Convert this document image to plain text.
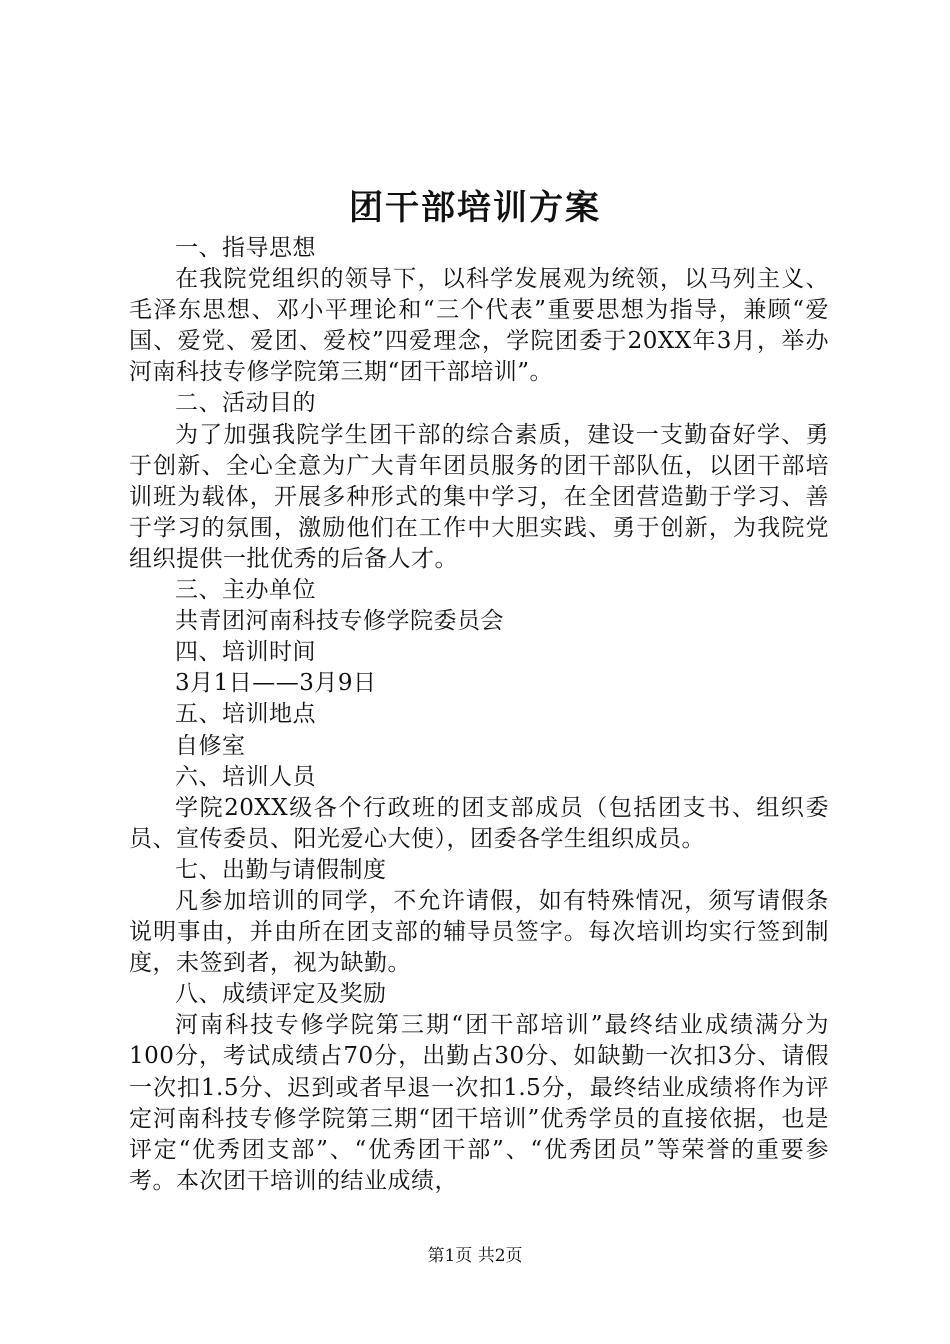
团干部培训方案
一、指导思想

在我院党组织的领导下，以科学发展观为统领，以马列主义、毛泽东思想、邓小平理论和“三个代表”重要思想为指导，兼顾“爱国、爱党、爱团、爱校”四爱理念，学院团委于20XX年3月，举办河南科技专修学院第三期“团干部培训”。

二、活动目的

为了加强我院学生团干部的综合素质，建设一支勤奋好学、勇于创新、全心全意为广大青年团员服务的团干部队伍，以团干部培训班为载体，开展多种形式的集中学习，在全团营造勤于学习、善于学习的氛围，激励他们在工作中大胆实践、勇于创新，为我院党组织提供一批优秀的后备人才。

三、主办单位
共青团河南科技专修学院委员会
四、培训时间
3月1日——3月9日
五、培训地点
自修室
六、培训人员

学院20XX级各个行政班的团支部成员（包括团支书、组织委员、宣传委员、阳光爱心大使），团委各学生组织成员。

七、出勤与请假制度

凡参加培训的同学，不允许请假，如有特殊情况，须写请假条说明事由，并由所在团支部的辅导员签字。每次培训均实行签到制度，未签到者，视为缺勤。

八、成绩评定及奖励

河南科技专修学院第三期“团干部培训”最终结业成绩满分为100分，考试成绩占70分，出勤占30分、如缺勤一次扣3分、请假一次扣1.5分、迟到或者早退一次扣1.5分，最终结业成绩将作为评定河南科技专修学院第三期“团干培训”优秀学员的直接依据，也是评定“优秀团支部”、“优秀团干部”、“优秀团员”等荣誉的重要参考。本次团干培训的结业成绩，

第1页 共2页
